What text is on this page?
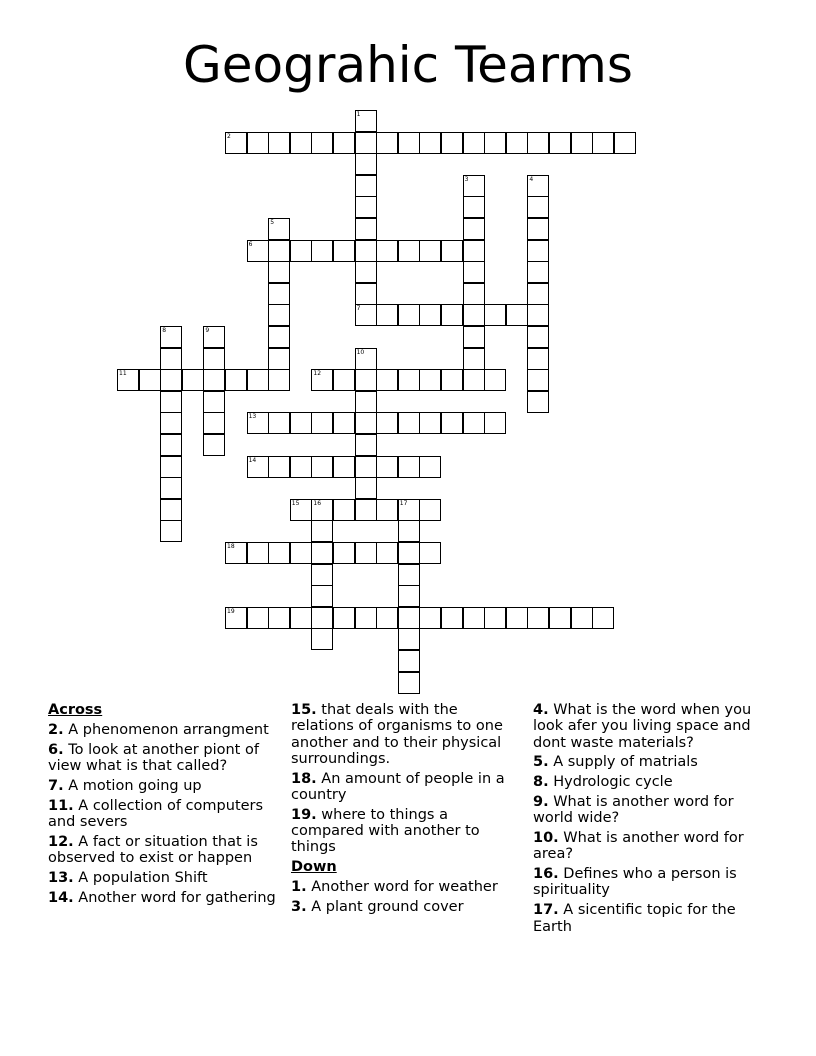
Geograhic Tearms
1
2
3	4
5
6
7
8	9
10
11	12
13
14
15 16	17
18
19
Across
2. A phenomenon arrangment
6. To look at another piont of view what is that called?
7. A motion going up
11. A collection of computers and severs
12. A fact or situation that is observed to exist or happen
13. A population Shift
14. Another word for gathering
15. that deals with the relations of organisms to one another and to their physical surroundings.
18. An amount of people in a country
19. where to things a compared with another to things
Down
1. Another word for weather
3. A plant ground cover
4. What is the word when you look afer you living space and dont waste materials?
5. A supply of matrials
8. Hydrologic cycle
9. What is another word for world wide?
10. What is another word for area?
16. Defines who a person is spirituality
17. A sicentific topic for the Earth
